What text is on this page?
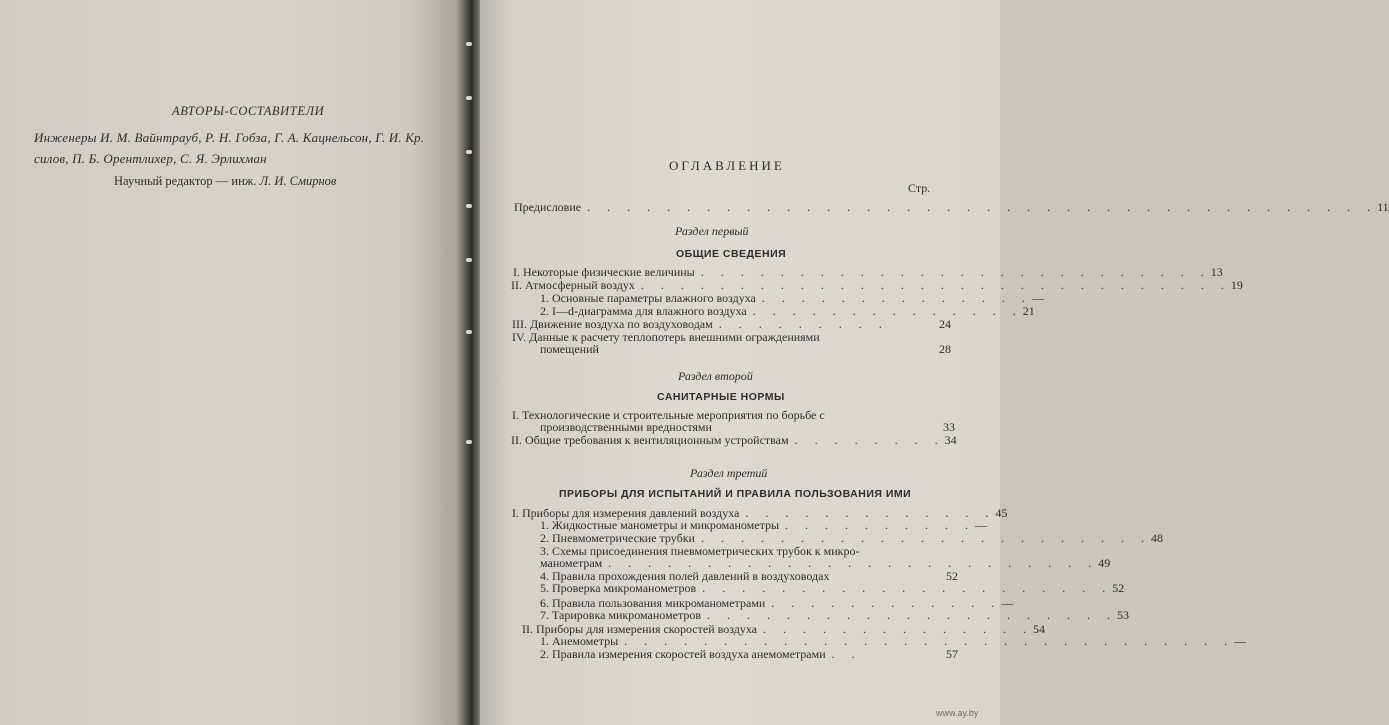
АВТОРЫ-СОСТАВИТЕЛИ
Инженеры И. М. Вайнтрауб, Р. Н. Гобза, Г. А. Кацнельсон, Г. И. Кр.
силов, П. Б. Орентлихер, С. Я. Эрлихман
Научный редактор — инж. Л. И. Смирнов
ОГЛАВЛЕНИЕ
Стр.
Предисловие . . . . . . . . . . . . . . . . . . . . . . . . . . . . . . . . . . . . . . . . 11
Раздел первый
ОБЩИЕ СВЕДЕНИЯ
I. Некоторые физические величины . . . . . . . . . . . . . . . . . . . . . . . . . . 13
II. Атмосферный воздух . . . . . . . . . . . . . . . . . . . . . . . . . . . . . . 19
1. Основные параметры влажного воздуха . . . . . . . . . . . . . . —
2. I—d-диаграмма для влажного воздуха . . . . . . . . . . . . . . 21
III. Движение воздуха по воздуховодам . . . . . . . . .	24
IV. Данные к расчету теплопотерь внешними ограждениями
помещений	28
Раздел второй
САНИТАРНЫЕ НОРМЫ
I. Технологические и строительные мероприятия по борьбе с
производственными вредностями	33
II. Общие требования к вентиляционным устройствам . . . . . . . . 34
Раздел третий
ПРИБОРЫ ДЛЯ ИСПЫТАНИЙ И ПРАВИЛА ПОЛЬЗОВАНИЯ ИМИ
I. Приборы для измерения давлений воздуха . . . . . . . . . . . . . 45
1. Жидкостные манометры и микроманометры . . . . . . . . . . —
2. Пневмометрические трубки . . . . . . . . . . . . . . . . . . . . . . . 48
3. Схемы присоединения пневмометрических трубок к микро-
манометрам . . . . . . . . . . . . . . . . . . . . . . . . . 49
4. Правила прохождения полей давлений в воздуховодах	52
5. Проверка микроманометров . . . . . . . . . . . . . . . . . . . . . 52
6. Правила пользования микроманометрами . . . . . . . . . . . . —
7. Тарировка микроманометров . . . . . . . . . . . . . . . . . . . . . 53
II. Приборы для измерения скоростей воздуха . . . . . . . . . . . . . . 54
1. Анемометры . . . . . . . . . . . . . . . . . . . . . . . . . . . . . . . —
2. Правила измерения скоростей воздуха анемометрами . .	57
www.ay.by
